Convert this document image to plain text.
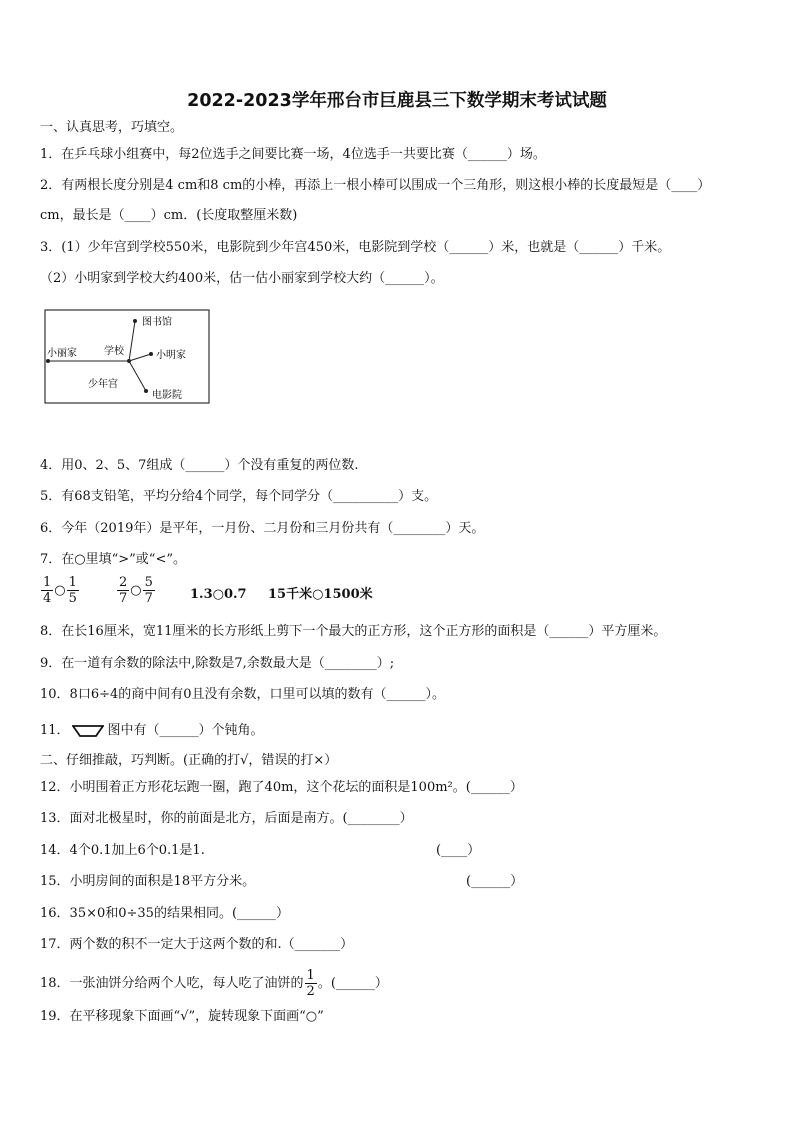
2022-2023学年邢台市巨鹿县三下数学期末考试试题
一、认真思考，巧填空。
1．在乒乓球小组赛中，每2位选手之间要比赛一场，4位选手一共要比赛（______）场。
2．有两根长度分别是4 cm和8 cm的小棒，再添上一根小棒可以围成一个三角形，则这根小棒的长度最短是（____）
cm，最长是（____）cm．(长度取整厘米数)
3．(1）少年宫到学校550米，电影院到少年宫450米，电影院到学校（______）米，也就是（______）千米。
（2）小明家到学校大约400米，估一估小丽家到学校大约（______）。
图书馆
小丽家	学校	小明家
少年宫
电影院
4．用0、2、5、7组成（______）个没有重复的两位数.
5．有68支铅笔，平均分给4个同学，每个同学分（__________）支。
6．今年（2019年）是平年，一月份、二月份和三月份共有（________）天。
7．在○里填“>”或“<”。
$\frac{1}{4}$ ○ $\frac{1}{5}$	$\frac{2}{7}$ ○ $\frac{5}{7}$	1.3○0.7 15千米○1500米
8．在长16厘米，宽11厘米的长方形纸上剪下一个最大的正方形，这个正方形的面积是（______）平方厘米。
9．在一道有余数的除法中,除数是7,余数最大是（________）;
10．8口6÷4的商中间有0且没有余数，口里可以填的数有（______）。
11．	图中有（______）个钝角。
二、仔细推敲，巧判断。(正确的打√，错误的打×）
12．小明围着正方形花坛跑一圈，跑了40m，这个花坛的面积是100m²。(______）
13．面对北极星时，你的前面是北方，后面是南方。(________）
14．4个0.1加上6个0.1是1.	(____）
15．小明房间的面积是18平方分米。	(______）
16．35×0和0÷35的结果相同。(______）
17．两个数的积不一定大于这两个数的和.（_______）
18．一张油饼分给两个人吃，每人吃了油饼的 $\frac{1}{2}$ 。(______）
19．在平移现象下面画“√”，旋转现象下面画“○”
